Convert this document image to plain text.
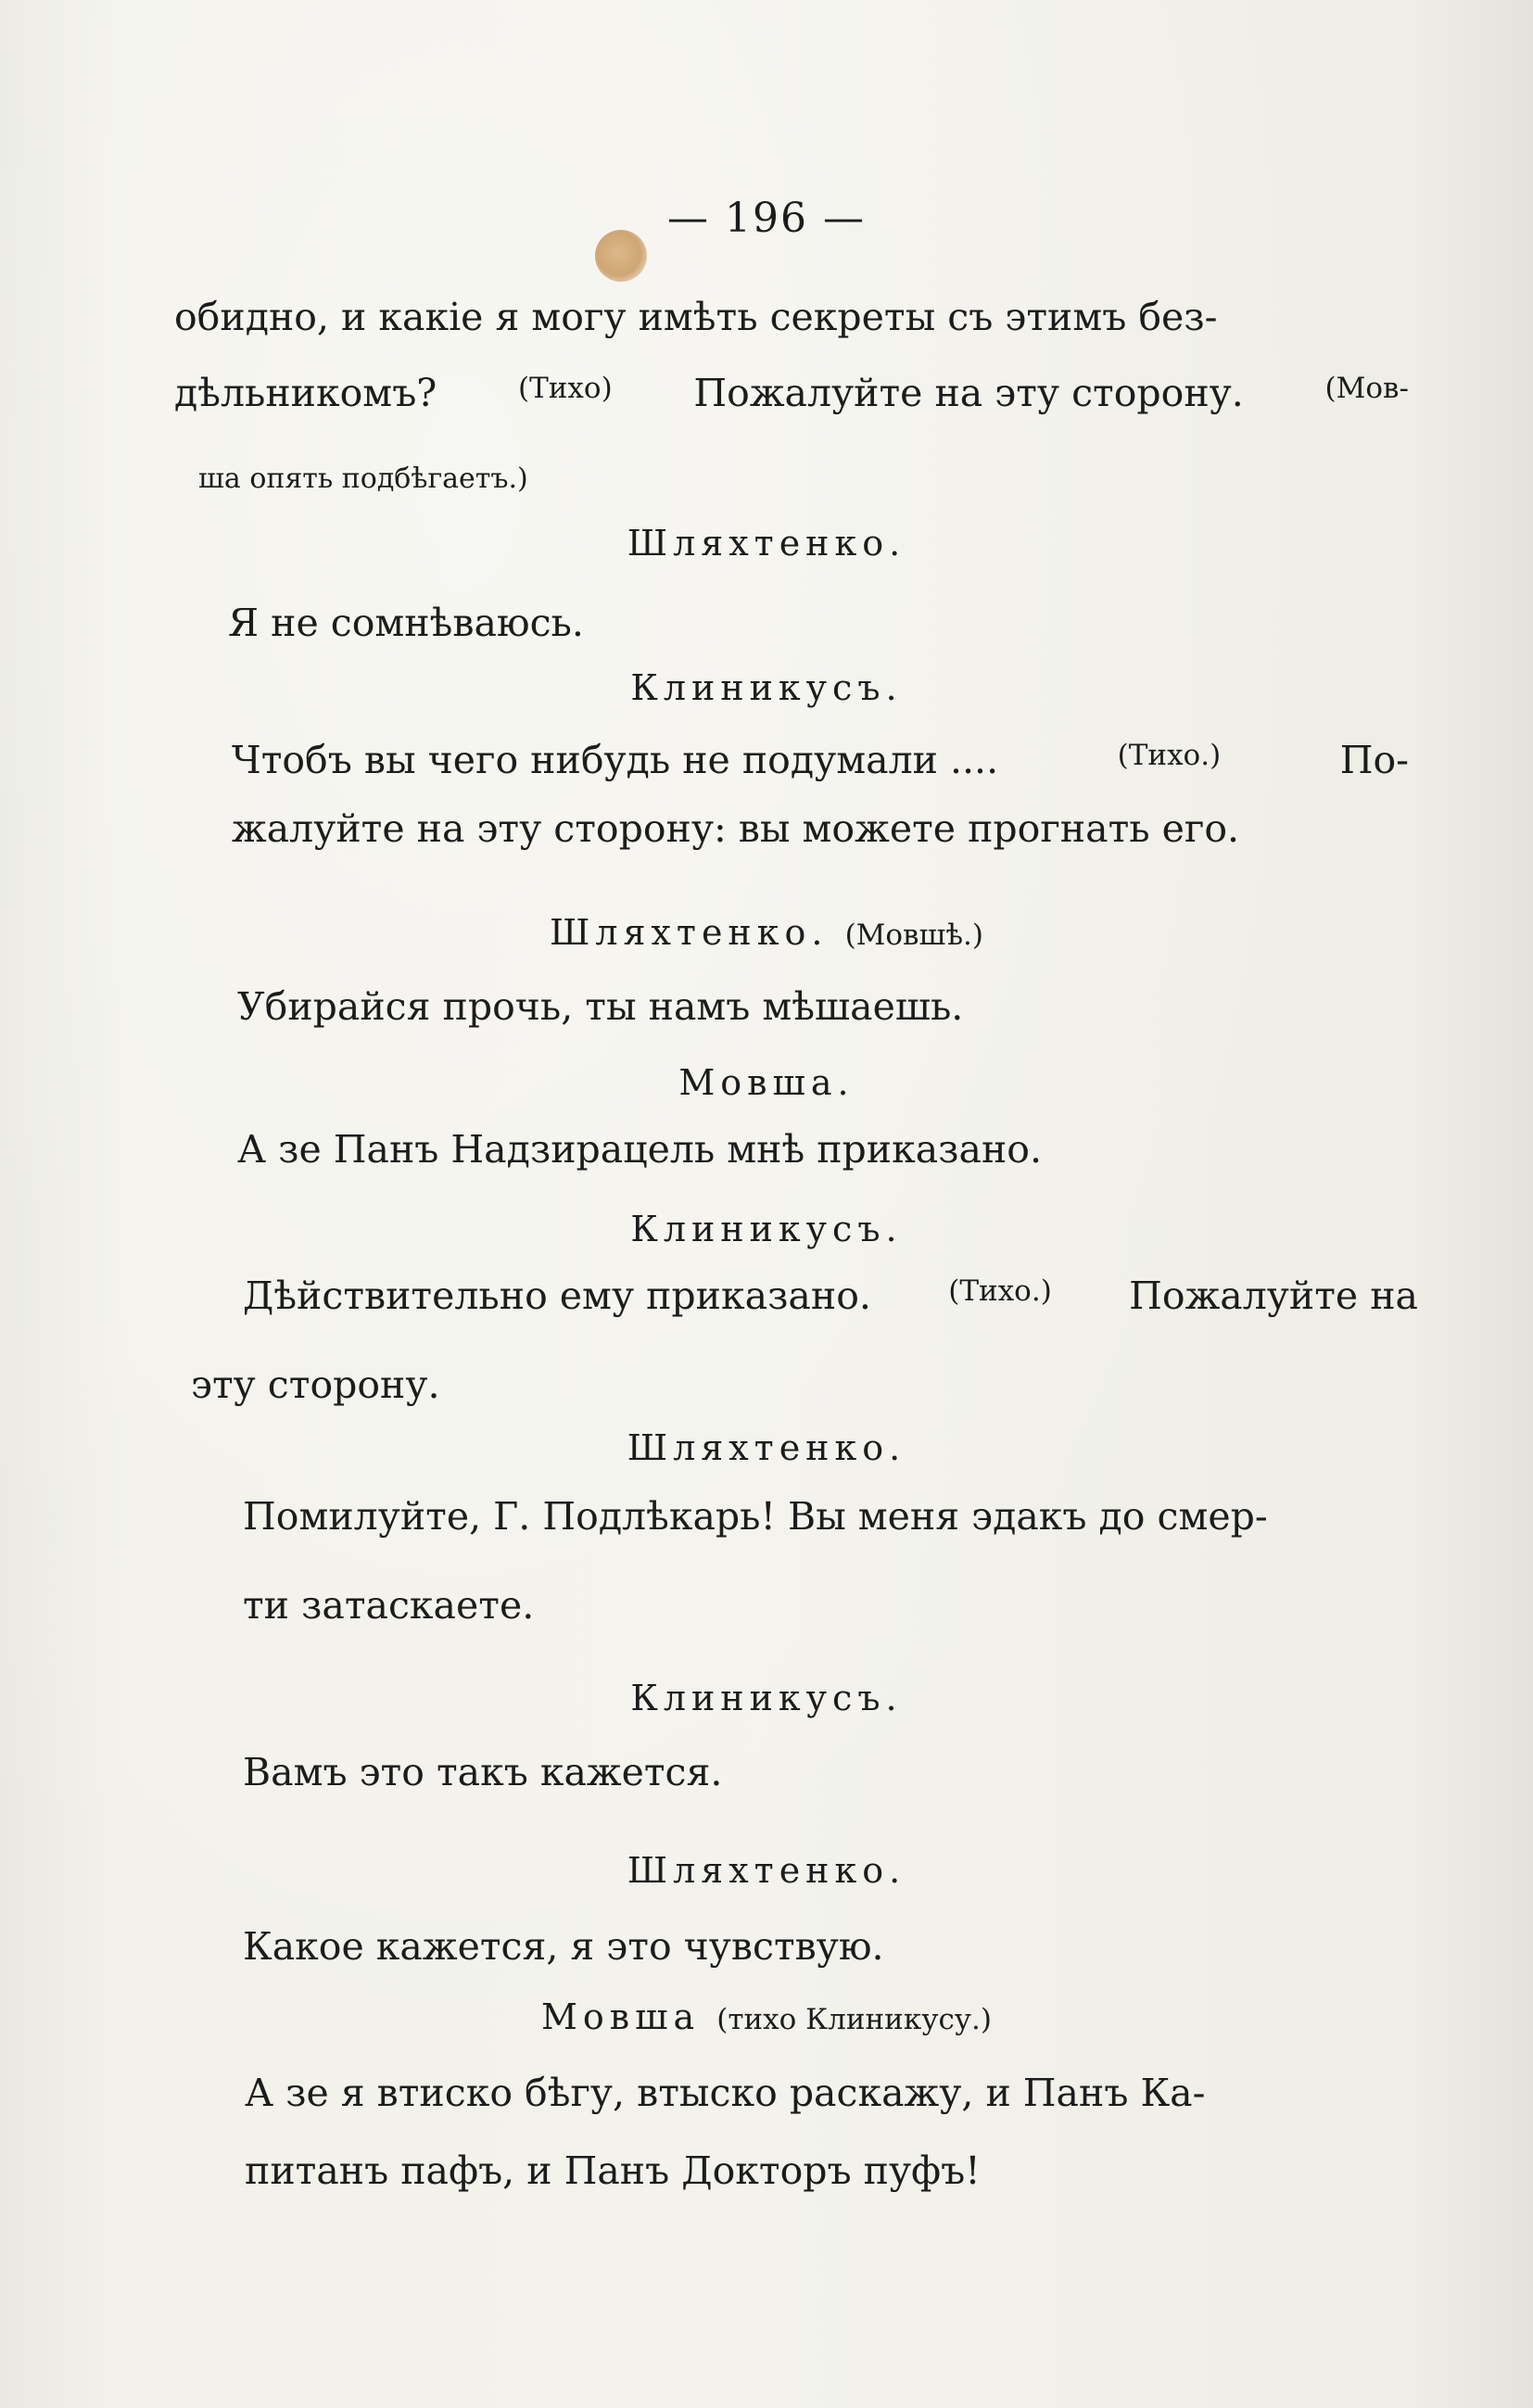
— 196 —
обидно, и какіе я могу имѣть секреты съ этимъ без-
дѣльникомъ?	(Тихо) Пожалуйте на эту сторону.	(Мов-
ша опять подбѣгаетъ.)
Шляхтенко.
Я не сомнѣваюсь.
Клиникусъ.
Чтобъ вы чего нибудь не подумали ....	(Тихо.)	По-
жалуйте на эту сторону: вы можете прогнать его.
Шляхтенко. (Мовшѣ.)
Убирайся прочь, ты намъ мѣшаешь.
Мовша.
А зе Панъ Надзирацель мнѣ приказано.
Клиникусъ.
Дѣйствительно ему приказано.	(Тихо.) Пожалуйте на
эту сторону.
Шляхтенко.
Помилуйте, Г. Подлѣкарь! Вы меня эдакъ до смер-
ти затаскаете.
Клиникусъ.
Вамъ это такъ кажется.
Шляхтенко.
Какое кажется, я это чувствую.
Мовша (тихо Клиникусу.)
А зе я втиско бѣгу, втыско раскажу, и Панъ Ка-
питанъ пафъ, и Панъ Докторъ пуфъ!
